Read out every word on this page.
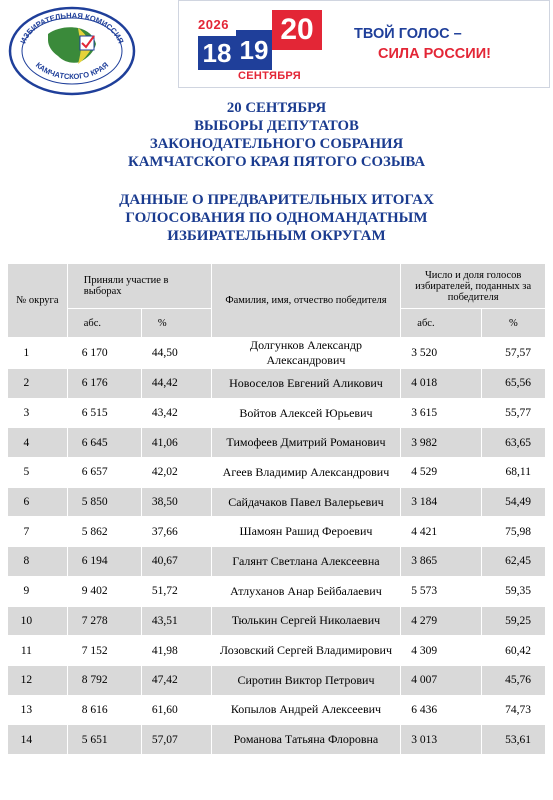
ИЗБИРАТЕЛЬНАЯ КОМИССИЯ
КАМЧАТСКОГО КРАЯ
2026 20
18 19
СЕНТЯБРЯ
ТВОЙ ГОЛОС –
СИЛА РОССИИ!
20 СЕНТЯБРЯ
ВЫБОРЫ ДЕПУТАТОВ
ЗАКОНОДАТЕЛЬНОГО СОБРАНИЯ
КАМЧАТСКОГО КРАЯ ПЯТОГО СОЗЫВА
ДАННЫЕ О ПРЕДВАРИТЕЛЬНЫХ ИТОГАХ
ГОЛОСОВАНИЯ ПО ОДНОМАНДАТНЫМ
ИЗБИРАТЕЛЬНЫМ ОКРУГАМ
№ округа	Приняли участие в выборах		Фамилия, имя, отчество победителя	Число и доля голосов избирателей, поданных за победителя	
	абс.	%		абс.	%
1	6 170	44,50	Долгунков Александр Александрович	3 520	57,57
2	6 176	44,42	Новоселов Евгений Аликович	4 018	65,56
3	6 515	43,42	Войтов Алексей Юрьевич	3 615	55,77
4	6 645	41,06	Тимофеев Дмитрий Романович	3 982	63,65
5	6 657	42,02	Агеев Владимир Александрович	4 529	68,11
6	5 850	38,50	Сайдачаков Павел Валерьевич	3 184	54,49
7	5 862	37,66	Шамоян Рашид Фероевич	4 421	75,98
8	6 194	40,67	Галянт Светлана Алексеевна	3 865	62,45
9	9 402	51,72	Атлуханов Анар Бейбалаевич	5 573	59,35
10	7 278	43,51	Тюлькин Сергей Николаевич	4 279	59,25
11	7 152	41,98	Лозовский Сергей Владимирович	4 309	60,42
12	8 792	47,42	Сиротин Виктор Петрович	4 007	45,76
13	8 616	61,60	Копылов Андрей Алексеевич	6 436	74,73
14	5 651	57,07	Романова Татьяна Флоровна	3 013	53,61
